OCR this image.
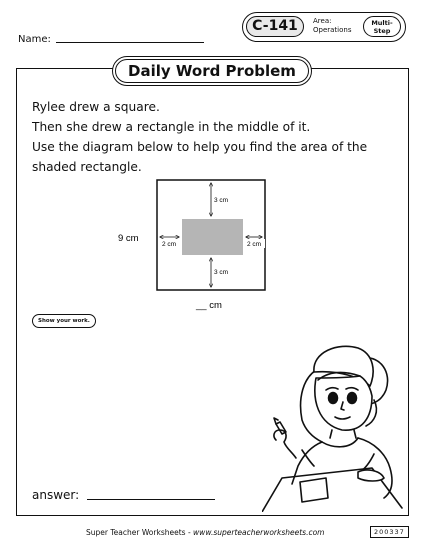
Name:
C-141	Area:
Operations
Multi-
Step
Daily Word Problem

Rylee drew a square.

Then she drew a rectangle in the middle of it.

Use the diagram below to help you find the area of the

shaded rectangle.

3 cm
3 cm
2 cm	2 cm
9 cm
__ cm
Show your work.
answer:
Super Teacher Worksheets - www.superteacherworksheets.com	200337
